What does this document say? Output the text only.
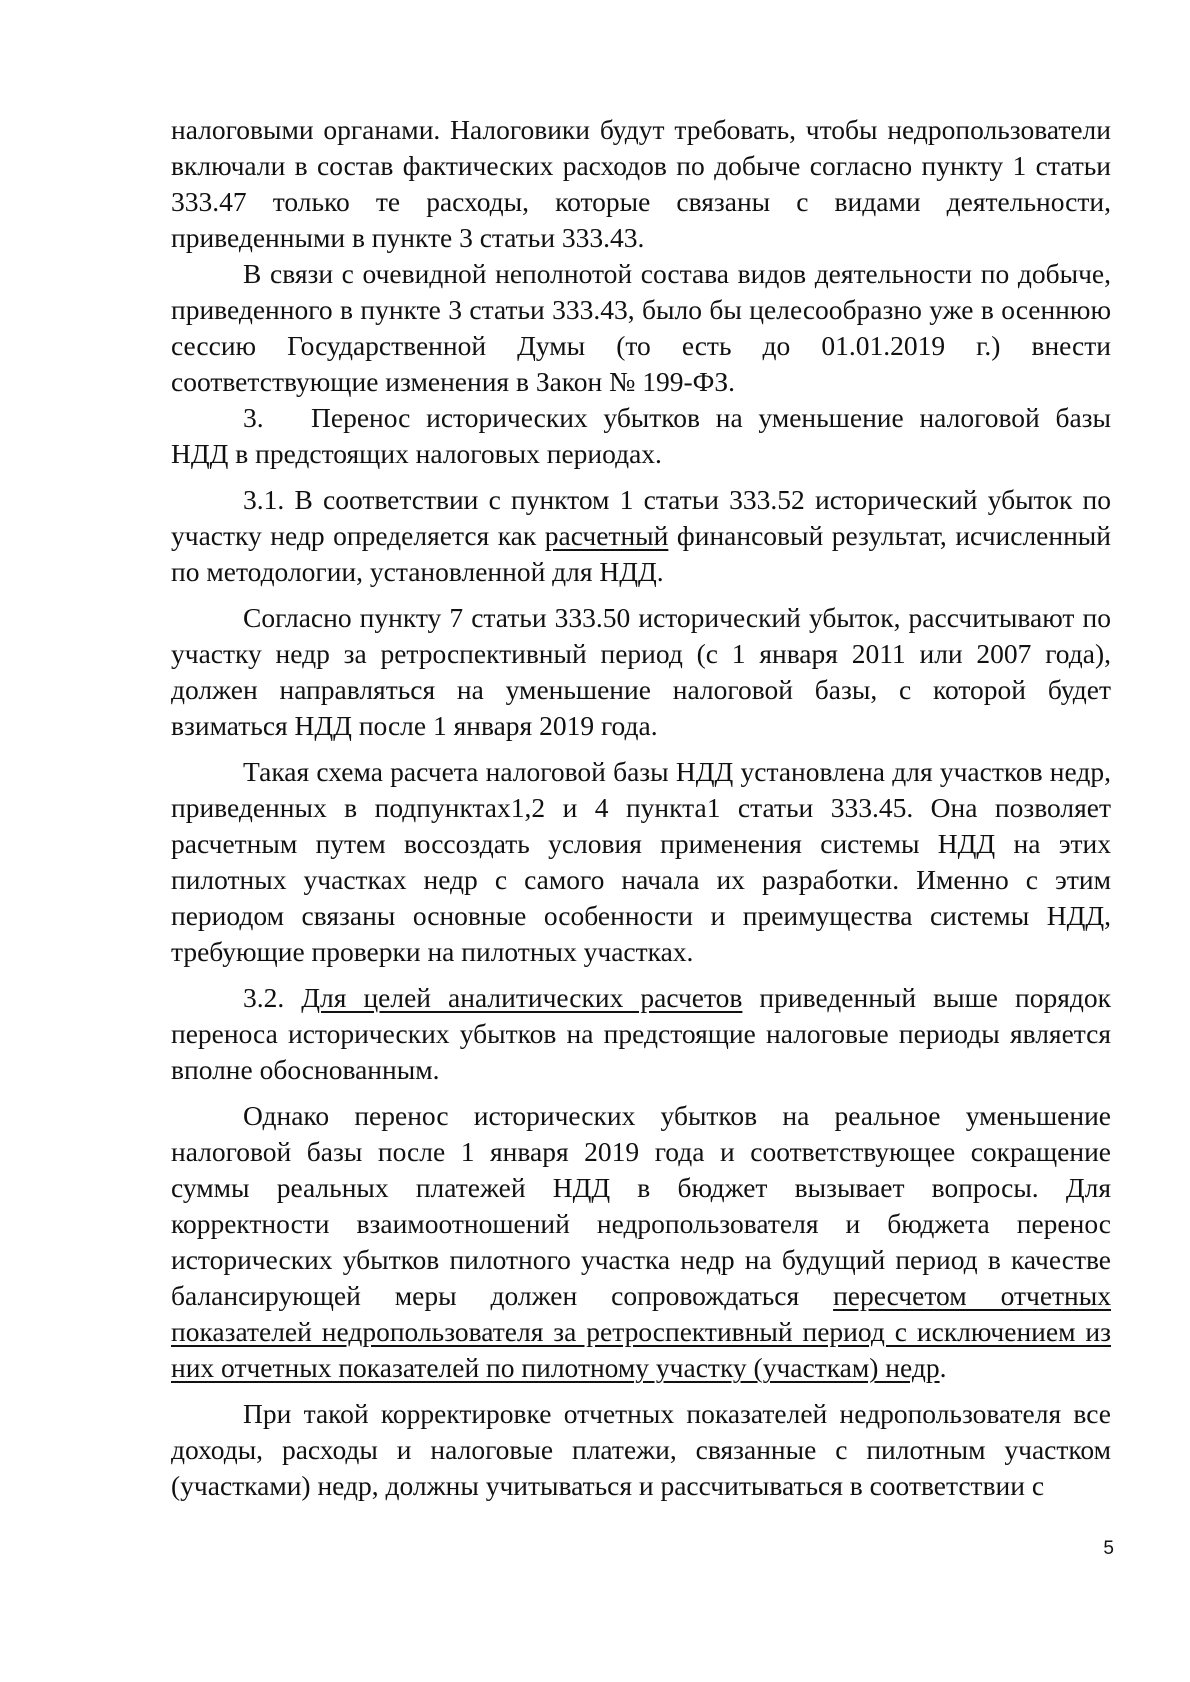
налоговыми органами. Налоговики будут требовать, чтобы недропользователи включали в состав фактических расходов по добыче согласно пункту 1 статьи 333.47 только те расходы, которые связаны с видами деятельности, приведенными в пункте 3 статьи 333.43.

В связи с очевидной неполнотой состава видов деятельности по добыче, приведенного в пункте 3 статьи 333.43, было бы целесообразно уже в осеннюю сессию Государственной Думы (то есть до 01.01.2019 г.) внести соответствующие изменения в Закон № 199-ФЗ.

3. Перенос исторических убытков на уменьшение налоговой базы НДД в предстоящих налоговых периодах.

3.1. В соответствии с пунктом 1 статьи 333.52 исторический убыток по участку недр определяется как расчетный финансовый результат, исчисленный по методологии, установленной для НДД.

Согласно пункту 7 статьи 333.50 исторический убыток, рассчитывают по участку недр за ретроспективный период (с 1 января 2011 или 2007 года), должен направляться на уменьшение налоговой базы, с которой будет взиматься НДД после 1 января 2019 года.

Такая схема расчета налоговой базы НДД установлена для участков недр, приведенных в подпунктах1,2 и 4 пункта1 статьи 333.45. Она позволяет расчетным путем воссоздать условия применения системы НДД на этих пилотных участках недр с самого начала их разработки. Именно с этим периодом связаны основные особенности и преимущества системы НДД, требующие проверки на пилотных участках.

3.2. Для целей аналитических расчетов приведенный выше порядок переноса исторических убытков на предстоящие налоговые периоды является вполне обоснованным.

Однако перенос исторических убытков на реальное уменьшение налоговой базы после 1 января 2019 года и соответствующее сокращение суммы реальных платежей НДД в бюджет вызывает вопросы. Для корректности взаимоотношений недропользователя и бюджета перенос исторических убытков пилотного участка недр на будущий период в качестве балансирующей меры должен сопровождаться пересчетом отчетных показателей недропользователя за ретроспективный период с исключением из них отчетных показателей по пилотному участку (участкам) недр.

При такой корректировке отчетных показателей недропользователя все доходы, расходы и налоговые платежи, связанные с пилотным участком (участками) недр, должны учитываться и рассчитываться в соответствии с

5
